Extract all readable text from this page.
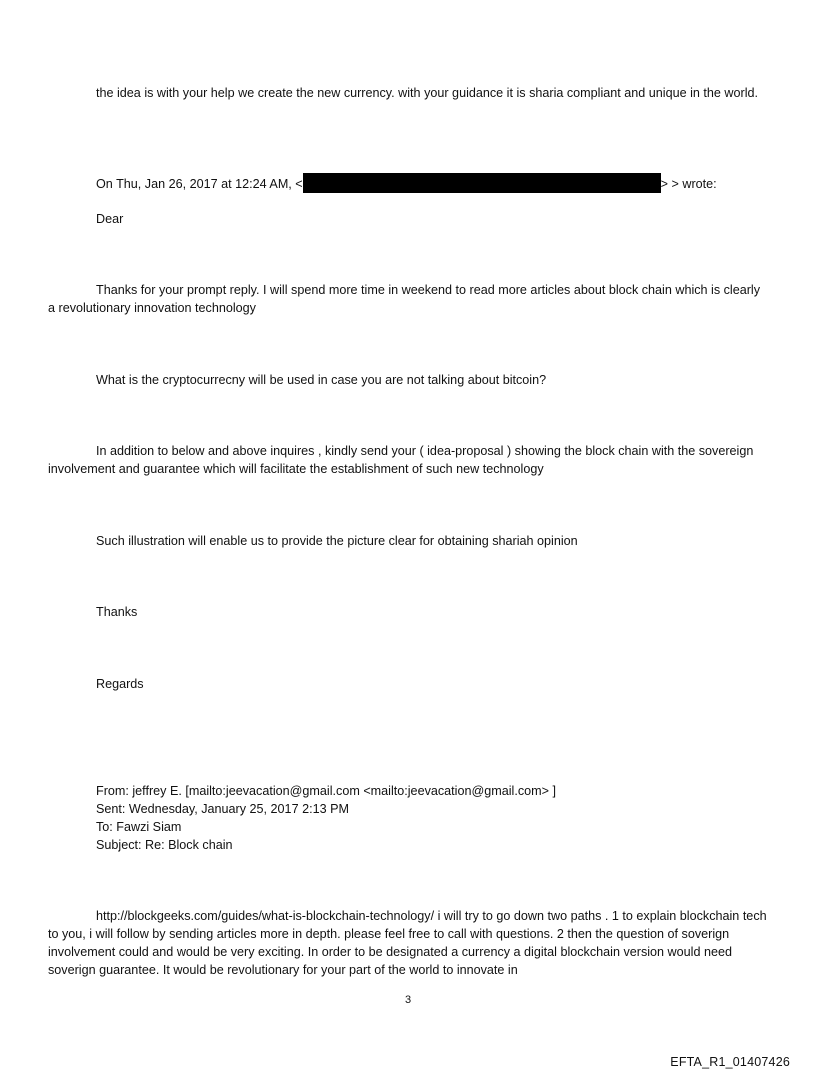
the idea is with your help we create the new currency. with your guidance it is sharia compliant and unique in the world.

On Thu, Jan 26, 2017 at 12:24 AM, <	> > wrote:

Dear

Thanks for your prompt reply. I will spend more time in weekend to read more articles about block chain which is clearly a revolutionary innovation technology

What is the cryptocurrecny will be used in case you are not talking about bitcoin?

In addition to below and above inquires , kindly send your ( idea-proposal ) showing the block chain with the sovereign involvement and guarantee which will facilitate the establishment of such new technology

Such illustration will enable us to provide the picture clear for obtaining shariah opinion

Thanks

Regards

From: jeffrey E. [mailto:jeevacation@gmail.com <mailto:jeevacation@gmail.com> ]
Sent: Wednesday, January 25, 2017 2:13 PM
To: Fawzi Siam
Subject: Re: Block chain

http://blockgeeks.com/guides/what-is-blockchain-technology/ i will try to go down two paths . 1 to explain blockchain tech to you, i will follow by sending articles more in depth. please feel free to call with questions. 2 then the question of soverign involvement could and would be very exciting. In order to be designated a currency a digital blockchain version would need soverign guarantee. It would be revolutionary for your part of the world to innovate in

3
EFTA_R1_01407426
